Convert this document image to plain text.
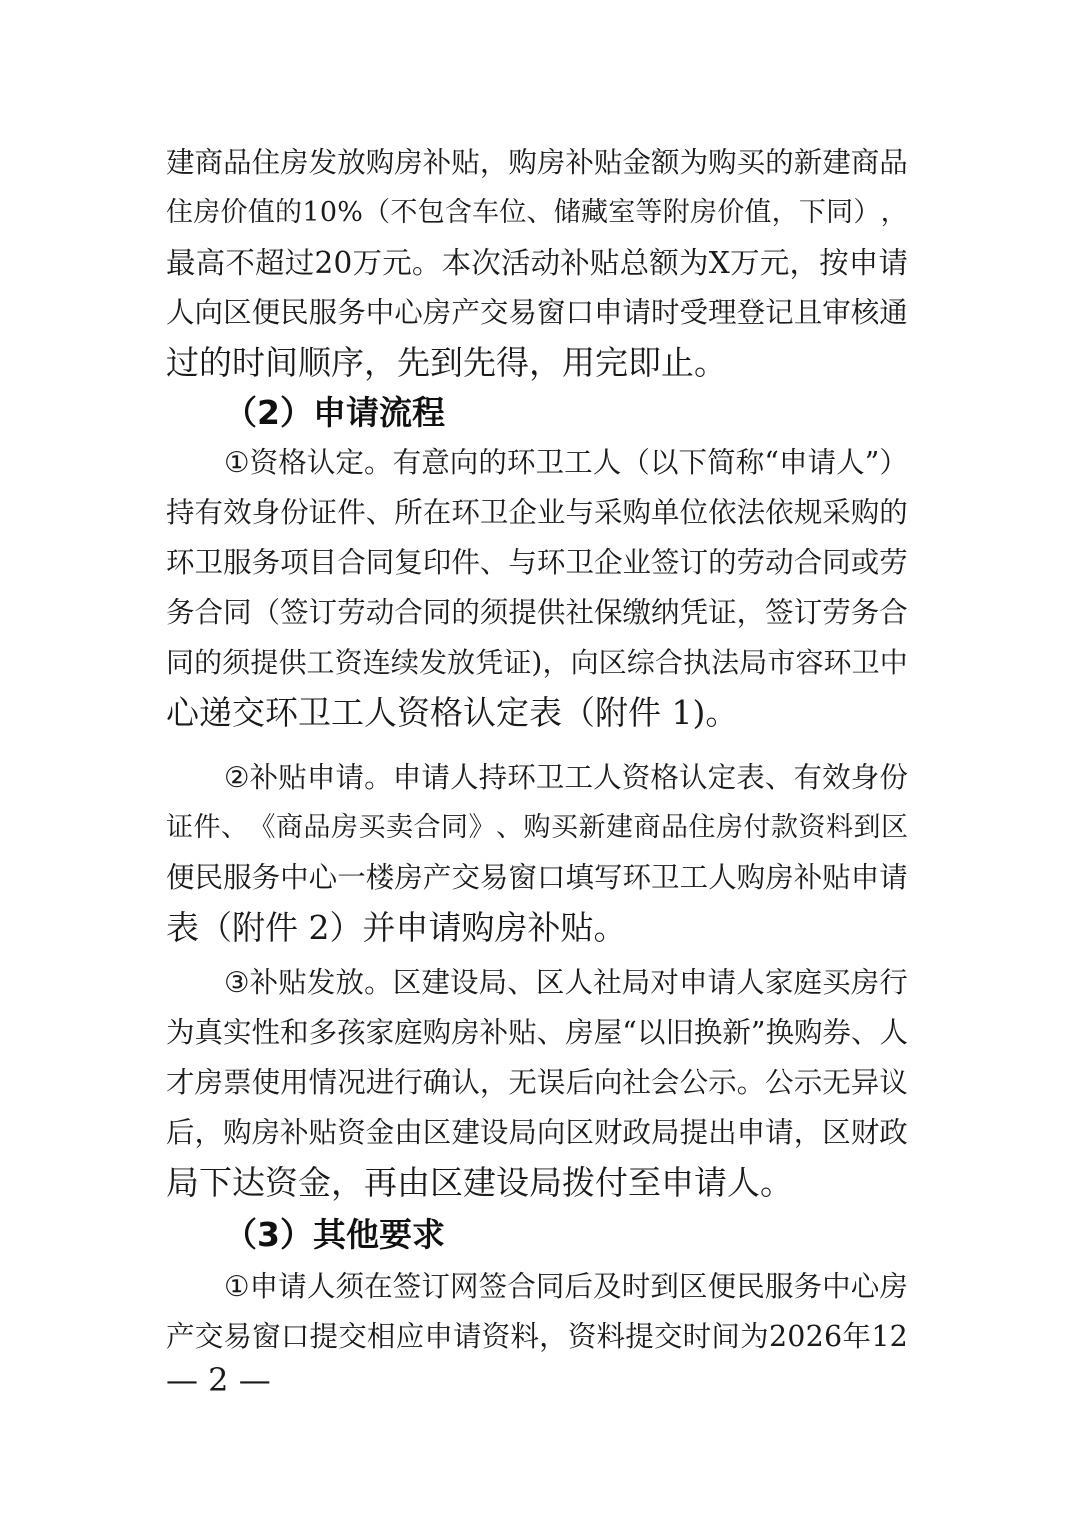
建 商 品 住 房 发 放 购 房 补 贴 ， 购 房 补 贴 金 额 为 购 买 的 新 建 商 品
住 房 价 值 的 1 0 % （ 不 包 含 车 位 、 储 藏 室 等 附 房 价 值 ， 下 同 ） ，
最 高 不 超 过 2 0 万 元 。 本 次 活 动 补 贴 总 额 为 X 万 元 ， 按 申 请
人 向 区 便 民 服 务 中 心 房 产 交 易 窗 口 申 请 时 受 理 登 记 且 审 核 通
过的时间顺序，先到先得，用完即止。
（2）申请流程
① 资 格 认 定 。 有 意 向 的 环 卫 工 人 （ 以 下 简 称 “ 申 请 人 ” ）
持 有 效 身 份 证 件 、 所 在 环 卫 企 业 与 采 购 单 位 依 法 依 规 采 购 的
环 卫 服 务 项 目 合 同 复 印 件 、 与 环 卫 企 业 签 订 的 劳 动 合 同 或 劳
务 合 同 （ 签 订 劳 动 合 同 的 须 提 供 社 保 缴 纳 凭 证 ， 签 订 劳 务 合
同 的 须 提 供 工 资 连 续 发 放 凭 证 ) ， 向 区 综 合 执 法 局 市 容 环 卫 中
心递交环卫工人资格认定表（附件 1)。
② 补 贴 申 请 。 申 请 人 持 环 卫 工 人 资 格 认 定 表 、 有 效 身 份
证 件 、 《 商 品 房 买 卖 合 同 》 、 购 买 新 建 商 品 住 房 付 款 资 料 到 区
便 民 服 务 中 心 一 楼 房 产 交 易 窗 口 填 写 环 卫 工 人 购 房 补 贴 申 请
表（附件 2）并申请购房补贴。
③ 补 贴 发 放 。 区 建 设 局 、 区 人 社 局 对 申 请 人 家 庭 买 房 行
为 真 实 性 和 多 孩 家 庭 购 房 补 贴 、 房 屋 “ 以 旧 换 新 ” 换 购 券 、 人
才 房 票 使 用 情 况 进 行 确 认 ， 无 误 后 向 社 会 公 示 。 公 示 无 异 议
后 ， 购 房 补 贴 资 金 由 区 建 设 局 向 区 财 政 局 提 出 申 请 ， 区 财 政
局下达资金，再由区建设局拨付至申请人。
（3）其他要求
① 申 请 人 须 在 签 订 网 签 合 同 后 及 时 到 区 便 民 服 务 中 心 房
产 交 易 窗 口 提 交 相 应 申 请 资 料 ， 资 料 提 交 时 间 为 2 0 2 6 年 1 2
— 2 —
